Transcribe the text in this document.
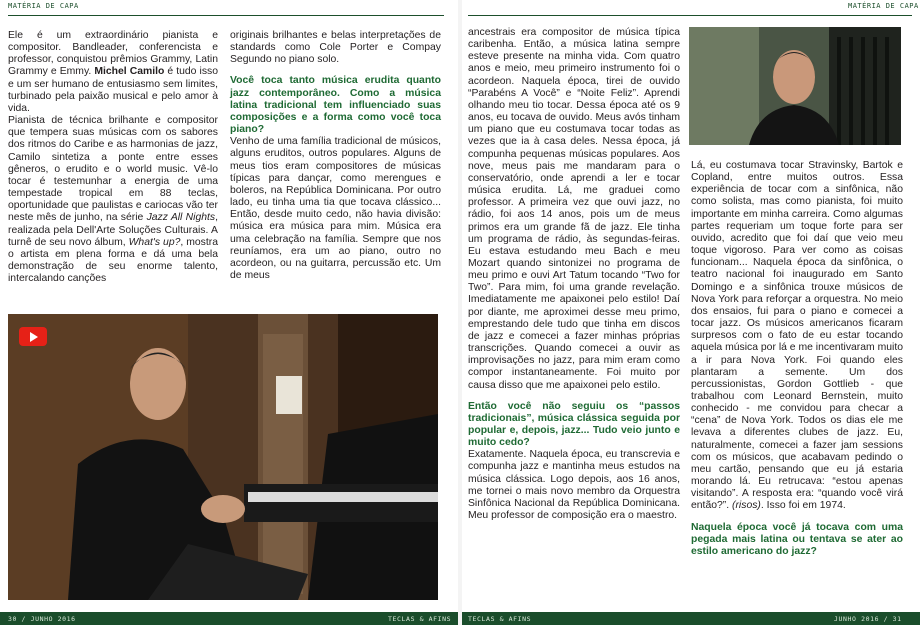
MATÉRIA DE CAPA

Ele é um extraordinário pianista e compositor. Bandleader, conferencista e professor, conquistou prêmios Grammy, Latin Grammy e Emmy. Michel Camilo é tudo isso e um ser humano de entusiasmo sem limites, turbinado pela paixão musical e pelo amor à vida.

Pianista de técnica brilhante e compositor que tempera suas músicas com os sabores dos ritmos do Caribe e as harmonias de jazz, Camilo sintetiza a ponte entre esses gêneros, o erudito e o world music. Vê-lo tocar é testemunhar a energia de uma tempestade tropical em 88 teclas, oportunidade que paulistas e cariocas vão ter neste mês de junho, na série Jazz All Nights, realizada pela Dell'Arte Soluções Culturais. A turnê de seu novo álbum, What's up?, mostra o artista em plena forma e dá uma bela demonstração de seu enorme talento, intercalando canções

originais brilhantes e belas interpretações de standards como Cole Porter e Compay Segundo no piano solo.

Você toca tanto música erudita quanto jazz contemporâneo. Como a música latina tradicional tem influenciado suas composições e a forma como você toca piano?

Venho de uma família tradicional de músicos, alguns eruditos, outros populares. Alguns de meus tios eram compositores de músicas típicas para dançar, como merengues e boleros, na República Dominicana. Por outro lado, eu tinha uma tia que tocava clássico... Então, desde muito cedo, não havia divisão: música era música para mim. Música era uma celebração na família. Sempre que nos reuníamos, era um ao piano, outro no acordeon, ou na guitarra, percussão etc. Um de meus

30 / JUNHO 2016	TECLAS & AFINS
MATÉRIA DE CAPA

ancestrais era compositor de música típica caribenha. Então, a música latina sempre esteve presente na minha vida. Com quatro anos e meio, meu primeiro instrumento foi o acordeon. Naquela época, tirei de ouvido “Parabéns A Você” e “Noite Feliz”. Aprendi olhando meu tio tocar. Dessa época até os 9 anos, eu tocava de ouvido. Meus avós tinham um piano que eu costumava tocar todas as vezes que ia à casa deles. Nessa época, já compunha pequenas músicas populares. Aos nove, meus pais me mandaram para o conservatório, onde aprendi a ler e tocar música erudita. Lá, me graduei como professor. A primeira vez que ouvi jazz, no rádio, foi aos 14 anos, pois um de meus primos era um grande fã de jazz. Ele tinha um programa de rádio, às segundas-feiras. Eu estava estudando meu Bach e meu Mozart quando sintonizei no programa de meu primo e ouvi Art Tatum tocando “Two for Two”. Para mim, foi uma grande revelação. Imediatamente me apaixonei pelo estilo! Daí por diante, me aproximei desse meu primo, emprestando dele tudo que tinha em discos de jazz e comecei a fazer minhas próprias transcrições. Quando comecei a ouvir as improvisações no jazz, para mim eram como compor instantaneamente. Foi muito por causa disso que me apaixonei pelo estilo.

Então você não seguiu os “passos tradicionais”, música clássica seguida por popular e, depois, jazz... Tudo veio junto e muito cedo?

Exatamente. Naquela época, eu transcrevia e compunha jazz e mantinha meus estudos na música clássica. Logo depois, aos 16 anos, me tornei o mais novo membro da Orquestra Sinfônica Nacional da República Dominicana. Meu professor de composição era o maestro.

Lá, eu costumava tocar Stravinsky, Bartok e Copland, entre muitos outros. Essa experiência de tocar com a sinfônica, não como solista, mas como pianista, foi muito importante em minha carreira. Como algumas partes requeriam um toque forte para ser ouvido, acredito que foi daí que veio meu toque vigoroso. Para ver como as coisas funcionam... Naquela época da sinfônica, o teatro nacional foi inaugurado em Santo Domingo e a sinfônica trouxe músicos de Nova York para reforçar a orquestra. No meio dos ensaios, fui para o piano e comecei a tocar jazz. Os músicos americanos ficaram surpresos com o fato de eu estar tocando aquela música por lá e me incentivaram muito a ir para Nova York. Foi quando eles plantaram a semente. Um dos percussionistas, Gordon Gottlieb - que trabalhou com Leonard Bernstein, muito conhecido - me convidou para checar a “cena” de Nova York. Todos os dias ele me levava a diferentes clubes de jazz. Eu, naturalmente, comecei a fazer jam sessions com os músicos, que acabavam pedindo o meu cartão, pensando que eu já estaria morando lá. Eu retrucava: “estou apenas visitando”. A resposta era: “quando você virá então?”. (risos). Isso foi em 1974.

Naquela época você já tocava com uma pegada mais latina ou tentava se ater ao estilo americano do jazz?

TECLAS & AFINS	JUNHO 2016 / 31
